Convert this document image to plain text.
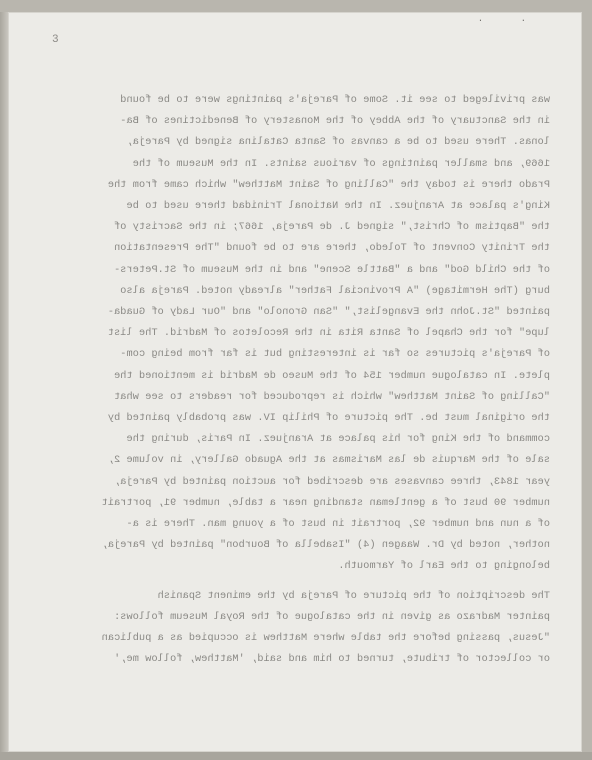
· ·
3
was privileged to see it. Some of Pareja's paintings were to be found
in the Sanctuary of the Abbey of the Monastery of Benedictines of Ba-
lonas. There used to be a canvas of Santa Catalina signed by Pareja,
1669, and smaller paintings of various saints. In the Museum of the
Prado there is today the "Calling of Saint Matthew" which came from the
King's palace at Aranjuez. In the National Trinidad there used to be
the "Baptism of Christ," signed J. de Pareja, 1667; in the Sacristy of
the Trinity Convent of Toledo, there are to be found "The Presentation
of the Child God" and a "Battle Scene" and in the Museum of St.Peters-
burg (The Hermitage) "A Provincial Father" already noted. Pareja also
painted "St.John the Evangelist," "San Gronolo" and "Our Lady of Guada-
lupe" for the Chapel of Santa Rita in the Recoletos of Madrid. The list
of Pareja's pictures so far is interesting but is far from being com-
plete. In catalogue number 154 of the Museo de Madrid is mentioned the
"Calling of Saint Matthew" which is reproduced for readers to see what
the original must be. The picture of Philip IV. was probably painted by
command of the King for his palace at Aranjuez. In Paris, during the
sale of the Marquis de las Marismas at the Aguado Gallery, in volume 2,
year 1843, three canvases are described for auction painted by Pareja,
number 90 bust of a gentleman standing near a table, number 91, portrait
of a nun and number 92, portrait in bust of a young man. There is a-
nother, noted by Dr. Waagen (4) "Isabella of Bourbon" painted by Pareja,
belonging to the Earl of Yarmouth.
The description of the picture of Pareja by the eminent Spanish
painter Madrazo as given in the catalogue of the Royal Museum follows:
"Jesus, passing before the table where Matthew is occupied as a publican
or collector of tribute, turned to him and said, 'Matthew, follow me,'
